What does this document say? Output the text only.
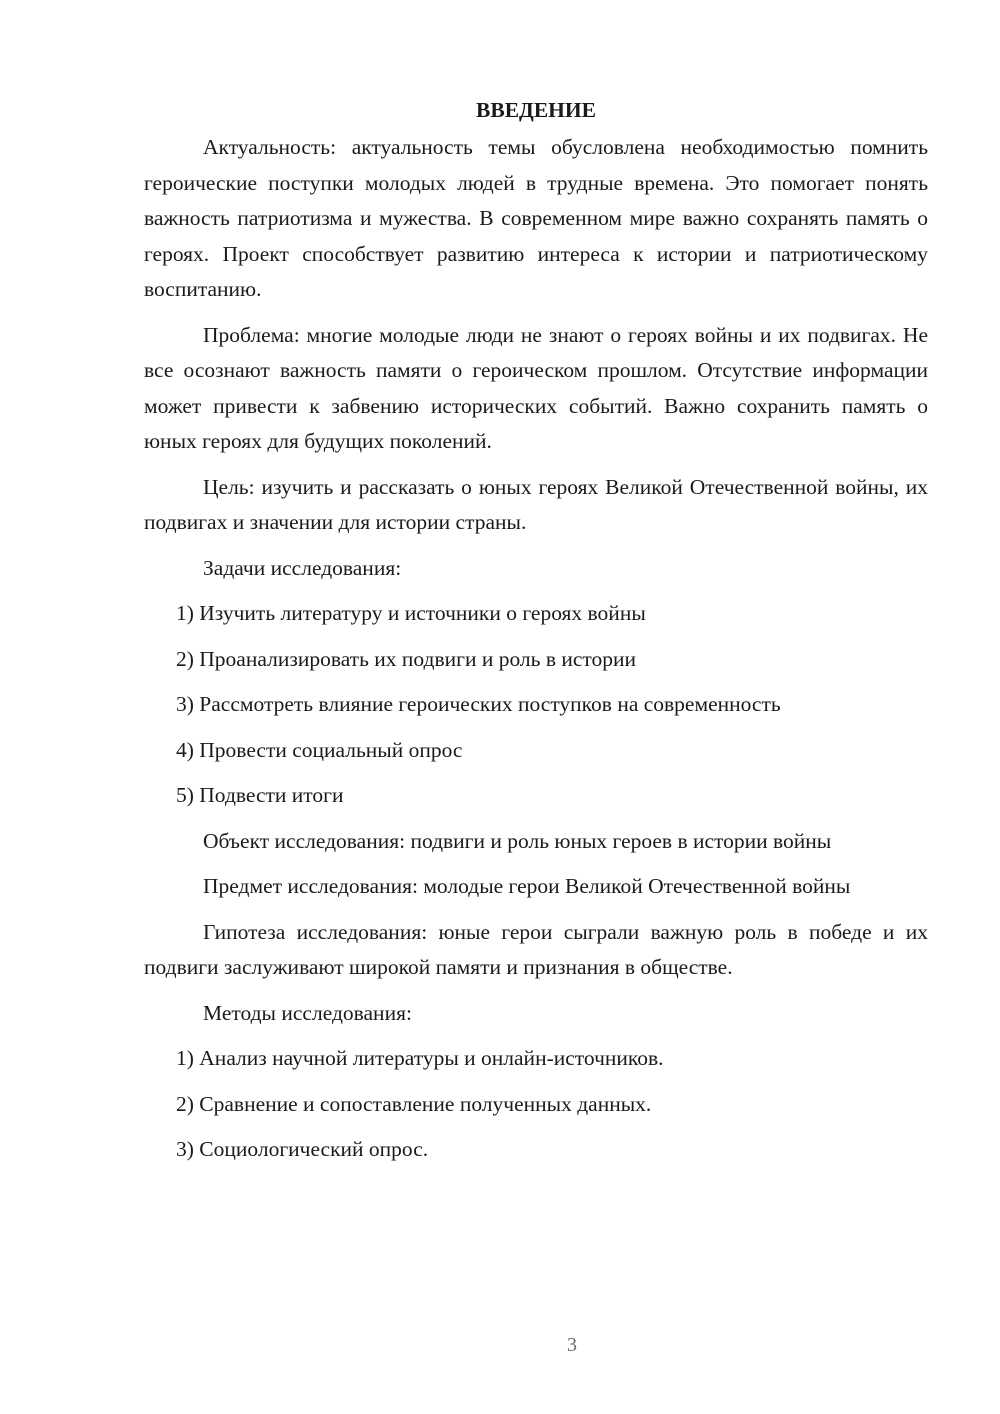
ВВЕДЕНИЕ

Актуальность: актуальность темы обусловлена необходимостью помнить героические поступки молодых людей в трудные времена. Это помогает понять важность патриотизма и мужества. В современном мире важно сохранять память о героях. Проект способствует развитию интереса к истории и патриотическому воспитанию.

Проблема: многие молодые люди не знают о героях войны и их подвигах. Не все осознают важность памяти о героическом прошлом. Отсутствие информации может привести к забвению исторических событий. Важно сохранить память о юных героях для будущих поколений.

Цель: изучить и рассказать о юных героях Великой Отечественной войны, их подвигах и значении для истории страны.

Задачи исследования:

1) Изучить литературу и источники о героях войны
2) Проанализировать их подвиги и роль в истории
3) Рассмотреть влияние героических поступков на современность
4) Провести социальный опрос
5) Подвести итоги

Объект исследования: подвиги и роль юных героев в истории войны

Предмет исследования: молодые герои Великой Отечественной войны

Гипотеза исследования: юные герои сыграли важную роль в победе и их подвиги заслуживают широкой памяти и признания в обществе.

Методы исследования:

1) Анализ научной литературы и онлайн-источников.
2) Сравнение и сопоставление полученных данных.
3) Социологический опрос.
3
